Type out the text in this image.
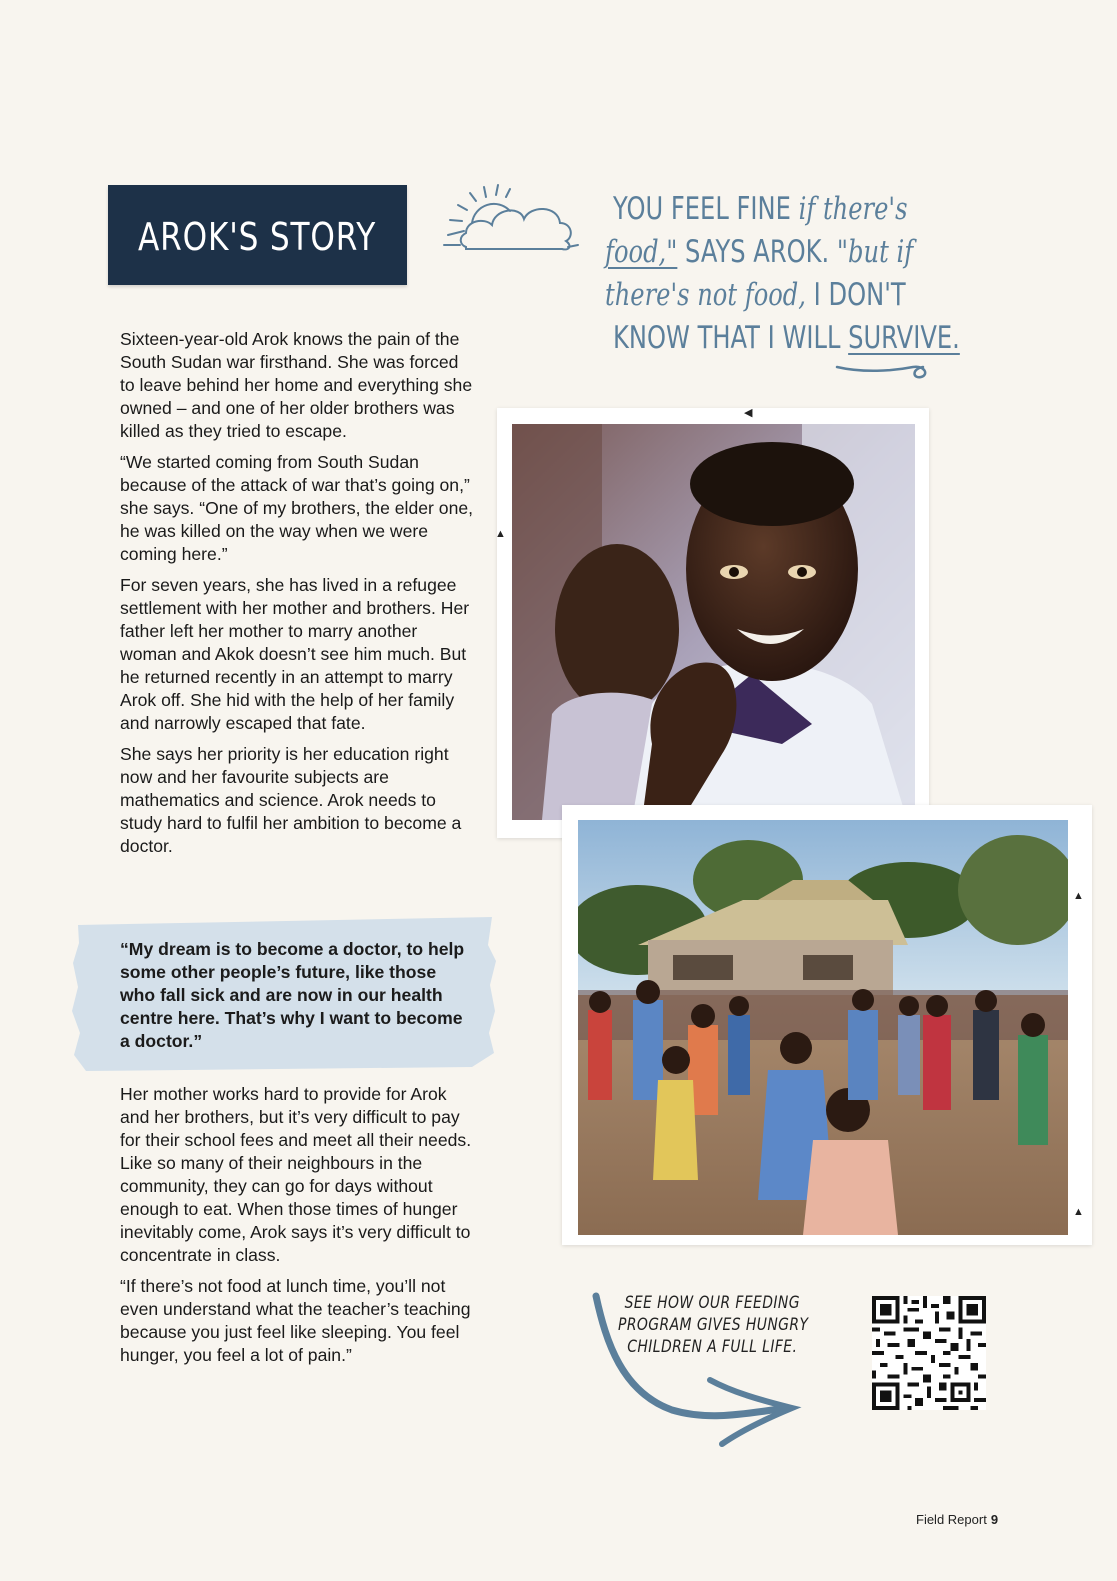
AROK'S STORY
YOU FEEL FINE if there's
food," SAYS AROK. "but if
there's not food, I DON'T
KNOW THAT I WILL SURVIVE.

Sixteen-year-old Arok knows the pain of the South Sudan war firsthand. She was forced to leave behind her home and everything she owned – and one of her older brothers was killed as they tried to escape.

“We started coming from South Sudan because of the attack of war that’s going on,” she says. “One of my brothers, the elder one, he was killed on the way when we were coming here.”

For seven years, she has lived in a refugee settlement with her mother and brothers. Her father left her mother to marry another woman and Akok doesn’t see him much. But he returned recently in an attempt to marry Arok off. She hid with the help of her family and narrowly escaped that fate.

She says her priority is her education right now and her favourite subjects are mathematics and science. Arok needs to study hard to fulfil her ambition to become a doctor.

“My dream is to become a doctor, to help some other people’s future, like those who fall sick and are now in our health centre here. That’s why I want to become a doctor.”

Her mother works hard to provide for Arok and her brothers, but it’s very difficult to pay for their school fees and meet all their needs. Like so many of their neighbours in the community, they can go for days without enough to eat. When those times of hunger inevitably come, Arok says it’s very difficult to concentrate in class.

“If there’s not food at lunch time, you’ll not even understand what the teacher’s teaching because you just feel like sleeping. You feel hunger, you feel a lot of pain.”

◀
▲
▲
▲
SEE HOW OUR FEEDING
PROGRAM GIVES HUNGRY
CHILDREN A FULL LIFE.
Field Report 9
